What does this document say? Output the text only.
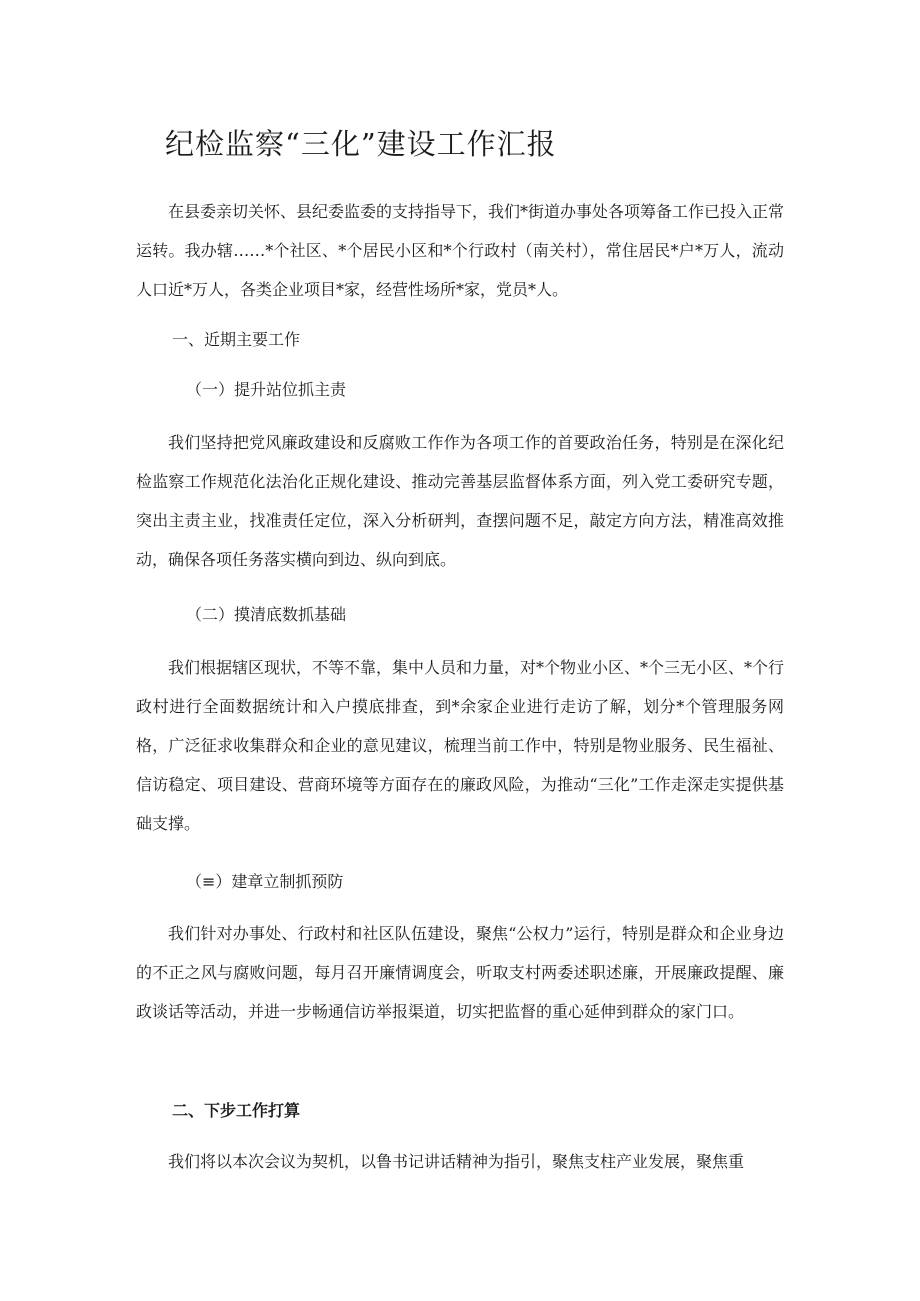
纪检监察“三化”建设工作汇报

在县委亲切关怀、县纪委监委的支持指导下，我们*街道办事处各项筹备工作已投入正常运转。我办辖……*个社区、*个居民小区和*个行政村（南关村），常住居民*户*万人，流动人口近*万人，各类企业项目*家，经营性场所*家，党员*人。

一、近期主要工作
（一）提升站位抓主责

我们坚持把党风廉政建设和反腐败工作作为各项工作的首要政治任务，特别是在深化纪检监察工作规范化法治化正规化建设、推动完善基层监督体系方面，列入党工委研究专题，突出主责主业，找准责任定位，深入分析研判，查摆问题不足，敲定方向方法，精准高效推动，确保各项任务落实横向到边、纵向到底。

（二）摸清底数抓基础

我们根据辖区现状，不等不靠，集中人员和力量，对*个物业小区、*个三无小区、*个行政村进行全面数据统计和入户摸底排查，到*余家企业进行走访了解，划分*个管理服务网格，广泛征求收集群众和企业的意见建议，梳理当前工作中，特别是物业服务、民生福祉、信访稳定、项目建设、营商环境等方面存在的廉政风险，为推动“三化”工作走深走实提供基础支撑。

（≡）建章立制抓预防

我们针对办事处、行政村和社区队伍建设，聚焦“公权力”运行，特别是群众和企业身边的不正之风与腐败问题，每月召开廉情调度会，听取支村两委述职述廉，开展廉政提醒、廉政谈话等活动，并进一步畅通信访举报渠道，切实把监督的重心延伸到群众的家门口。

二、下步工作打算

我们将以本次会议为契机，以鲁书记讲话精神为指引，聚焦支柱产业发展，聚焦重
